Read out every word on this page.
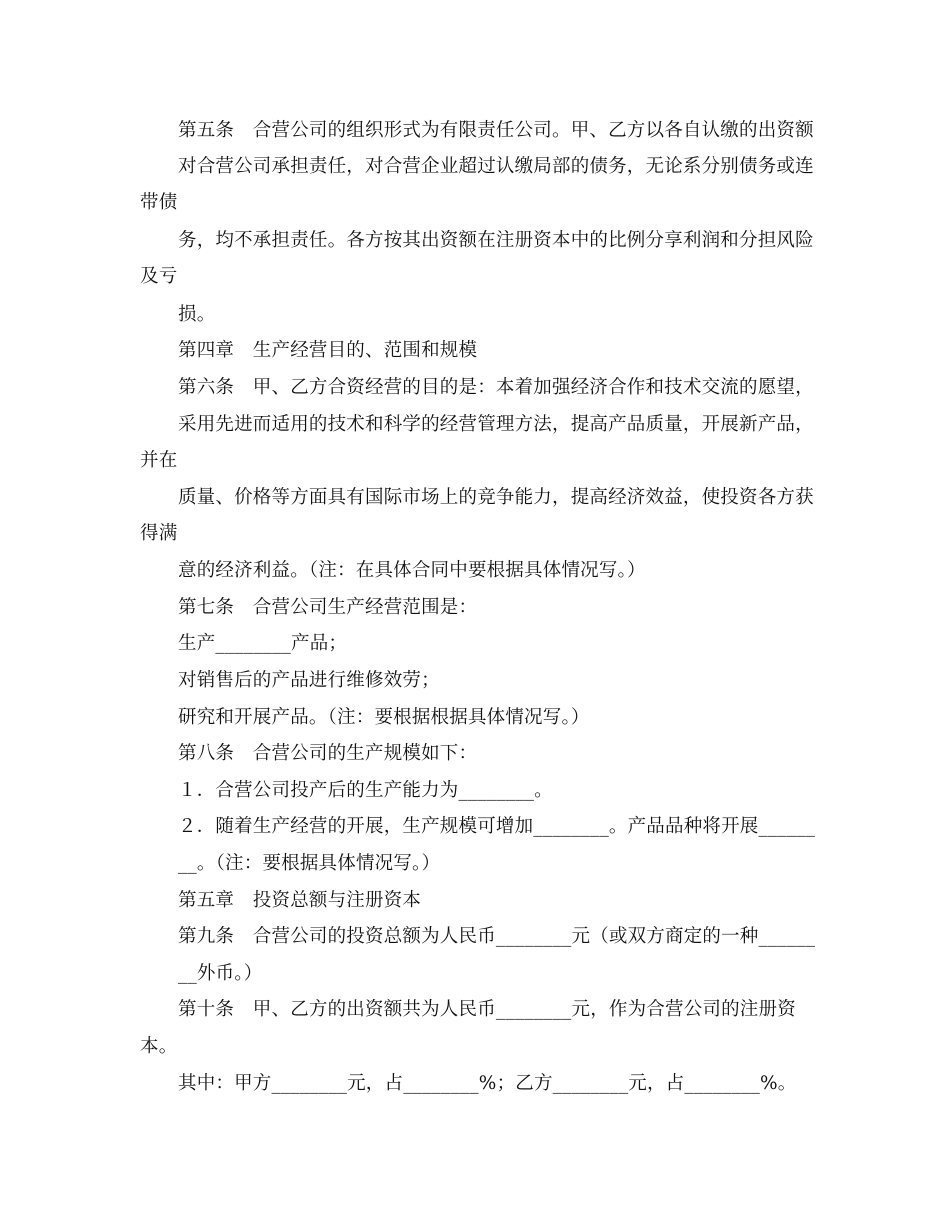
第五条　合营公司的组织形式为有限责任公司。甲、乙方以各自认缴的出资额
对合营公司承担责任，对合营企业超过认缴局部的债务，无论系分别债务或连
带债
务，均不承担责任。各方按其出资额在注册资本中的比例分享利润和分担风险
及亏
损。
第四章　生产经营目的、范围和规模
第六条　甲、乙方合资经营的目的是：本着加强经济合作和技术交流的愿望，
采用先进而适用的技术和科学的经营管理方法，提高产品质量，开展新产品，
并在
质量、价格等方面具有国际市场上的竞争能力，提高经济效益，使投资各方获
得满
意的经济利益。（注：在具体合同中要根据具体情况写。）
第七条　合营公司生产经营范围是：
生产________产品；
对销售后的产品进行维修效劳；
研究和开展产品。（注：要根据根据具体情况写。）
第八条　合营公司的生产规模如下：
１．合营公司投产后的生产能力为________。
２．随着生产经营的开展，生产规模可增加________。产品品种将开展______
__。（注：要根据具体情况写。）
第五章　投资总额与注册资本
第九条　合营公司的投资总额为人民币________元（或双方商定的一种______
__外币。）
第十条　甲、乙方的出资额共为人民币________元，作为合营公司的注册资
本。
其中：甲方________元，占________%；乙方________元，占________%。
